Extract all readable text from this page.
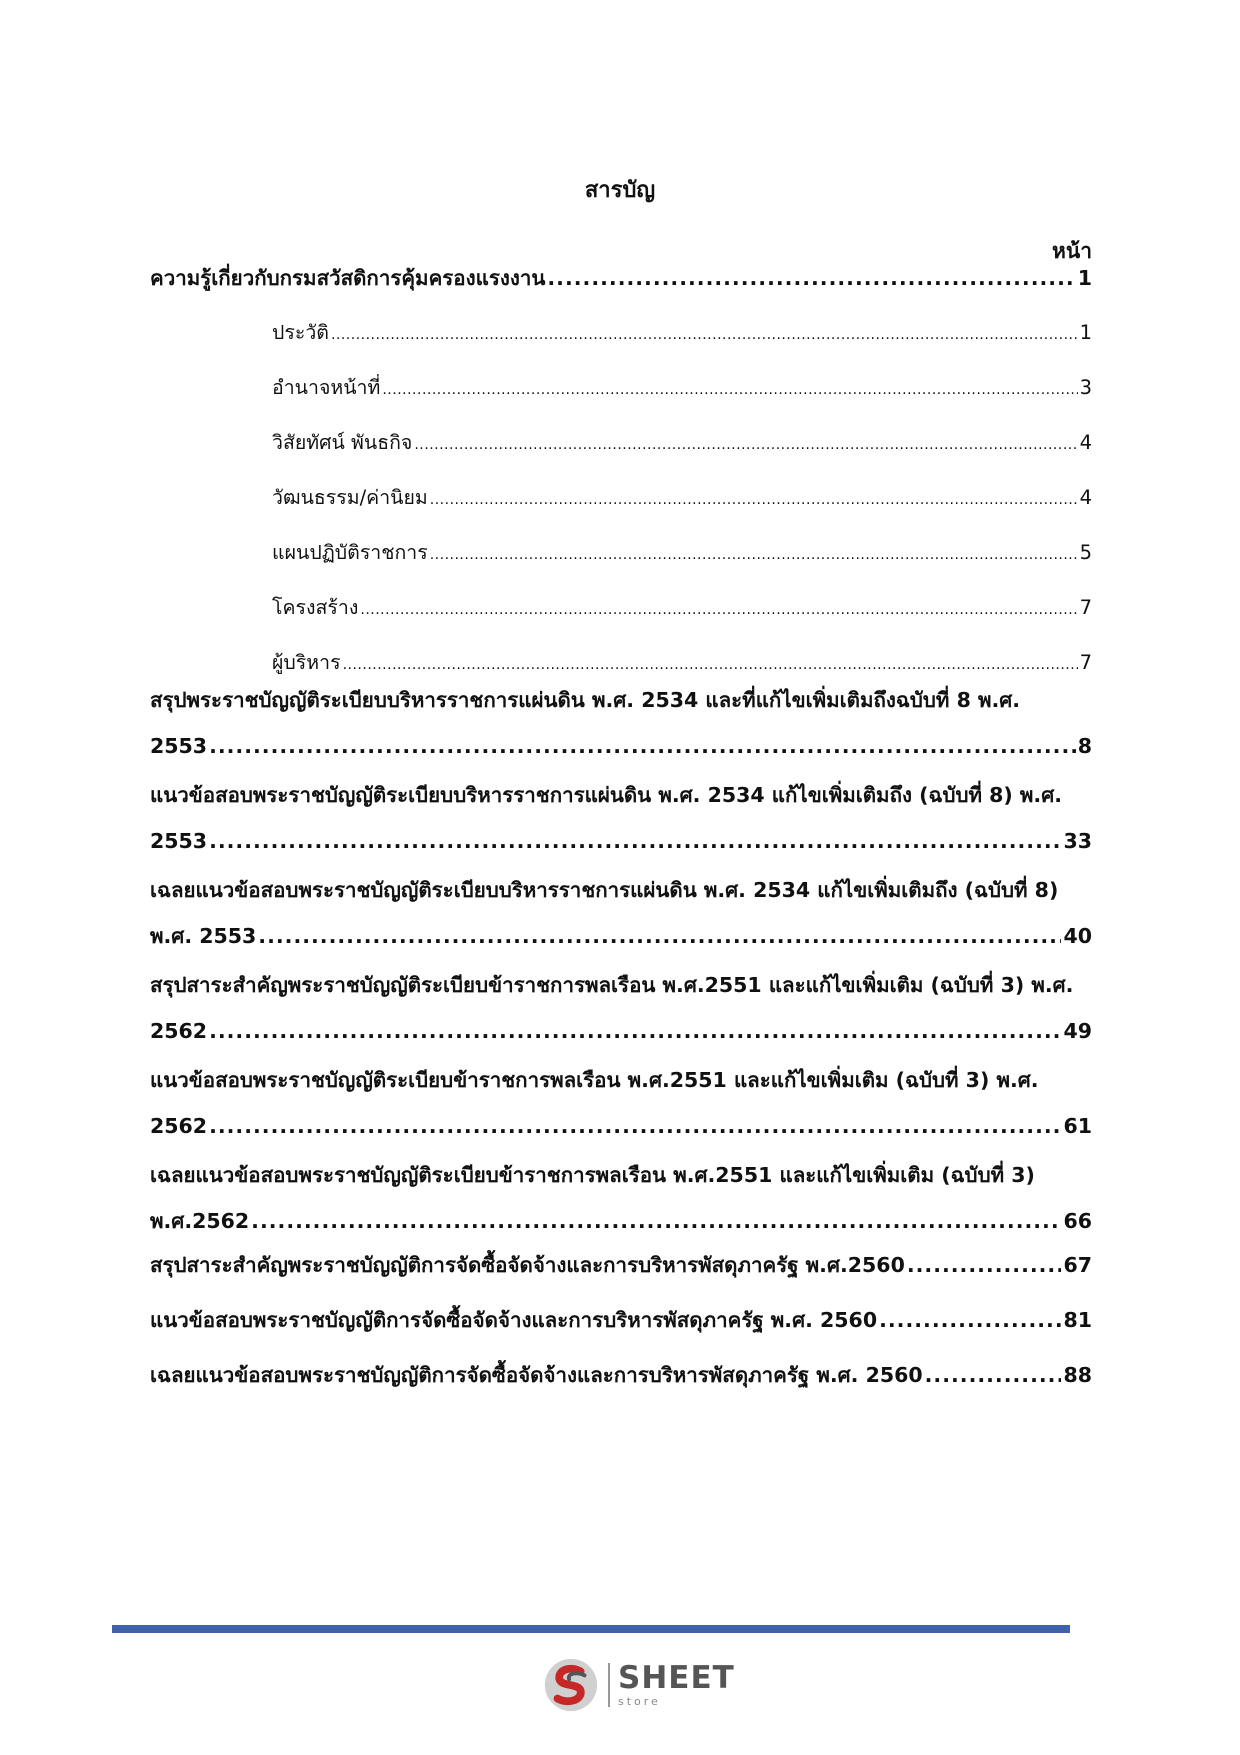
สารบัญ
หน้า
ความรู้เกี่ยวกับกรมสวัสดิการคุ้มครองแรงงาน .....	1
ประวัติ .....	1
อำนาจหน้าที่ .....	3
วิสัยทัศน์ พันธกิจ .....	4
วัฒนธรรม/ค่านิยม .....	4
แผนปฏิบัติราชการ .....	5
โครงสร้าง .....	7
ผู้บริหาร .....	7
สรุปพระราชบัญญัติระเบียบบริหารราชการแผ่นดิน พ.ศ. 2534 และที่แก้ไขเพิ่มเติมถึงฉบับที่ 8 พ.ศ.
2553 .....	8
แนวข้อสอบพระราชบัญญัติระเบียบบริหารราชการแผ่นดิน พ.ศ. 2534 แก้ไขเพิ่มเติมถึง (ฉบับที่ 8) พ.ศ.
2553 .....	33
เฉลยแนวข้อสอบพระราชบัญญัติระเบียบบริหารราชการแผ่นดิน พ.ศ. 2534 แก้ไขเพิ่มเติมถึง (ฉบับที่ 8)
พ.ศ. 2553 .....	40
สรุปสาระสำคัญพระราชบัญญัติระเบียบข้าราชการพลเรือน พ.ศ.2551 และแก้ไขเพิ่มเติม (ฉบับที่ 3) พ.ศ.
2562 .....	49
แนวข้อสอบพระราชบัญญัติระเบียบข้าราชการพลเรือน พ.ศ.2551 และแก้ไขเพิ่มเติม (ฉบับที่ 3) พ.ศ.
2562 .....	61
เฉลยแนวข้อสอบพระราชบัญญัติระเบียบข้าราชการพลเรือน พ.ศ.2551 และแก้ไขเพิ่มเติม (ฉบับที่ 3)
พ.ศ.2562 .....	66
สรุปสาระสำคัญพระราชบัญญัติการจัดซื้อจัดจ้างและการบริหารพัสดุภาครัฐ พ.ศ.2560 .....	67
แนวข้อสอบพระราชบัญญัติการจัดซื้อจัดจ้างและการบริหารพัสดุภาครัฐ พ.ศ. 2560 .....	81
เฉลยแนวข้อสอบพระราชบัญญัติการจัดซื้อจัดจ้างและการบริหารพัสดุภาครัฐ พ.ศ. 2560 .....	88
SHEET
store
